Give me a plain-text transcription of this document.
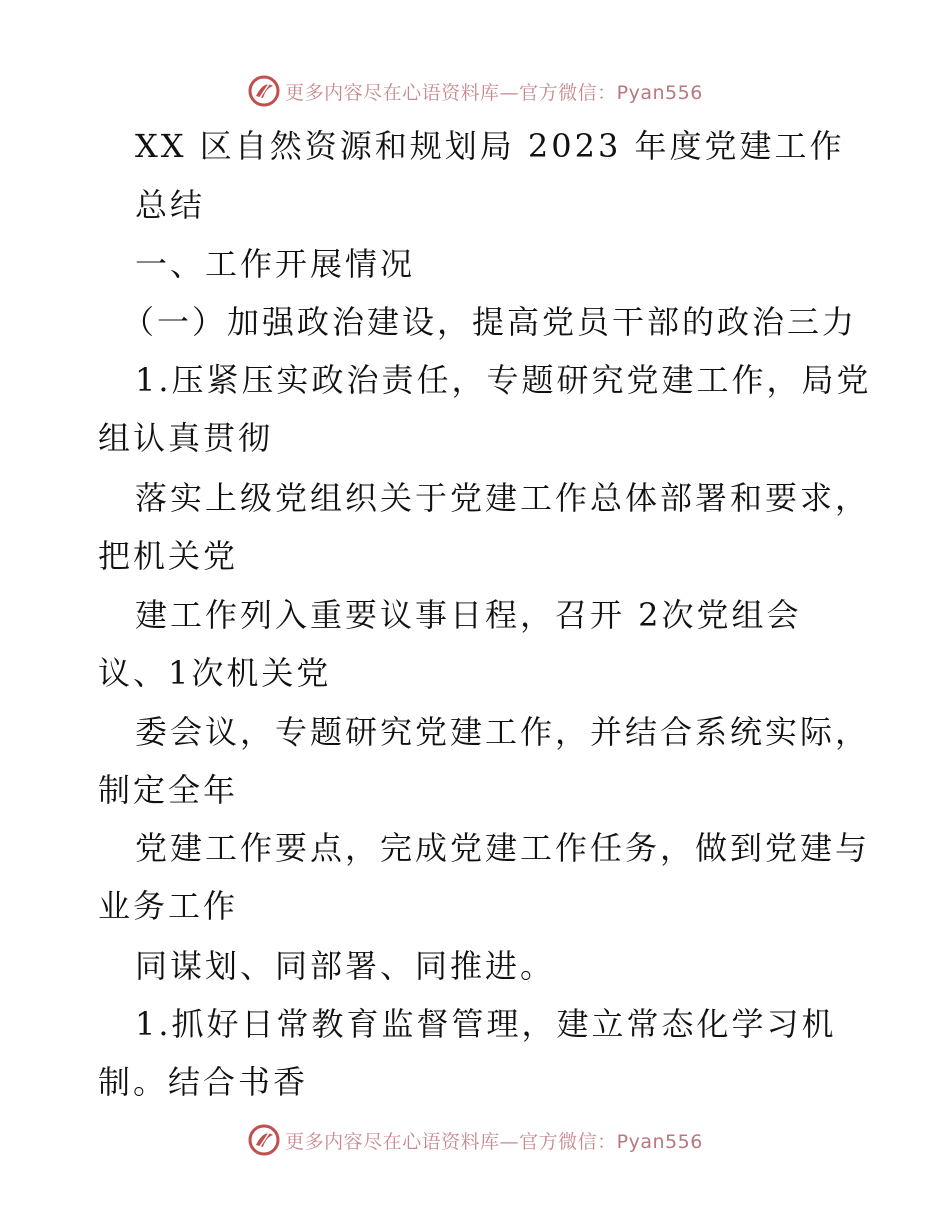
更多内容尽在心语资料库—官方微信：Pyan556
XX 区自然资源和规划局 2023 年度党建工作
总结
一、工作开展情况
（一）加强政治建设，提高党员干部的政治三力
1.压紧压实政治责任，专题研究党建工作，局党
组认真贯彻
落实上级党组织关于党建工作总体部署和要求，
把机关党
建工作列入重要议事日程，召开 2次党组会
议、1次机关党
委会议，专题研究党建工作，并结合系统实际，
制定全年
党建工作要点，完成党建工作任务，做到党建与
业务工作
同谋划、同部署、同推进。
1.抓好日常教育监督管理，建立常态化学习机
制。结合书香
更多内容尽在心语资料库—官方微信：Pyan556
